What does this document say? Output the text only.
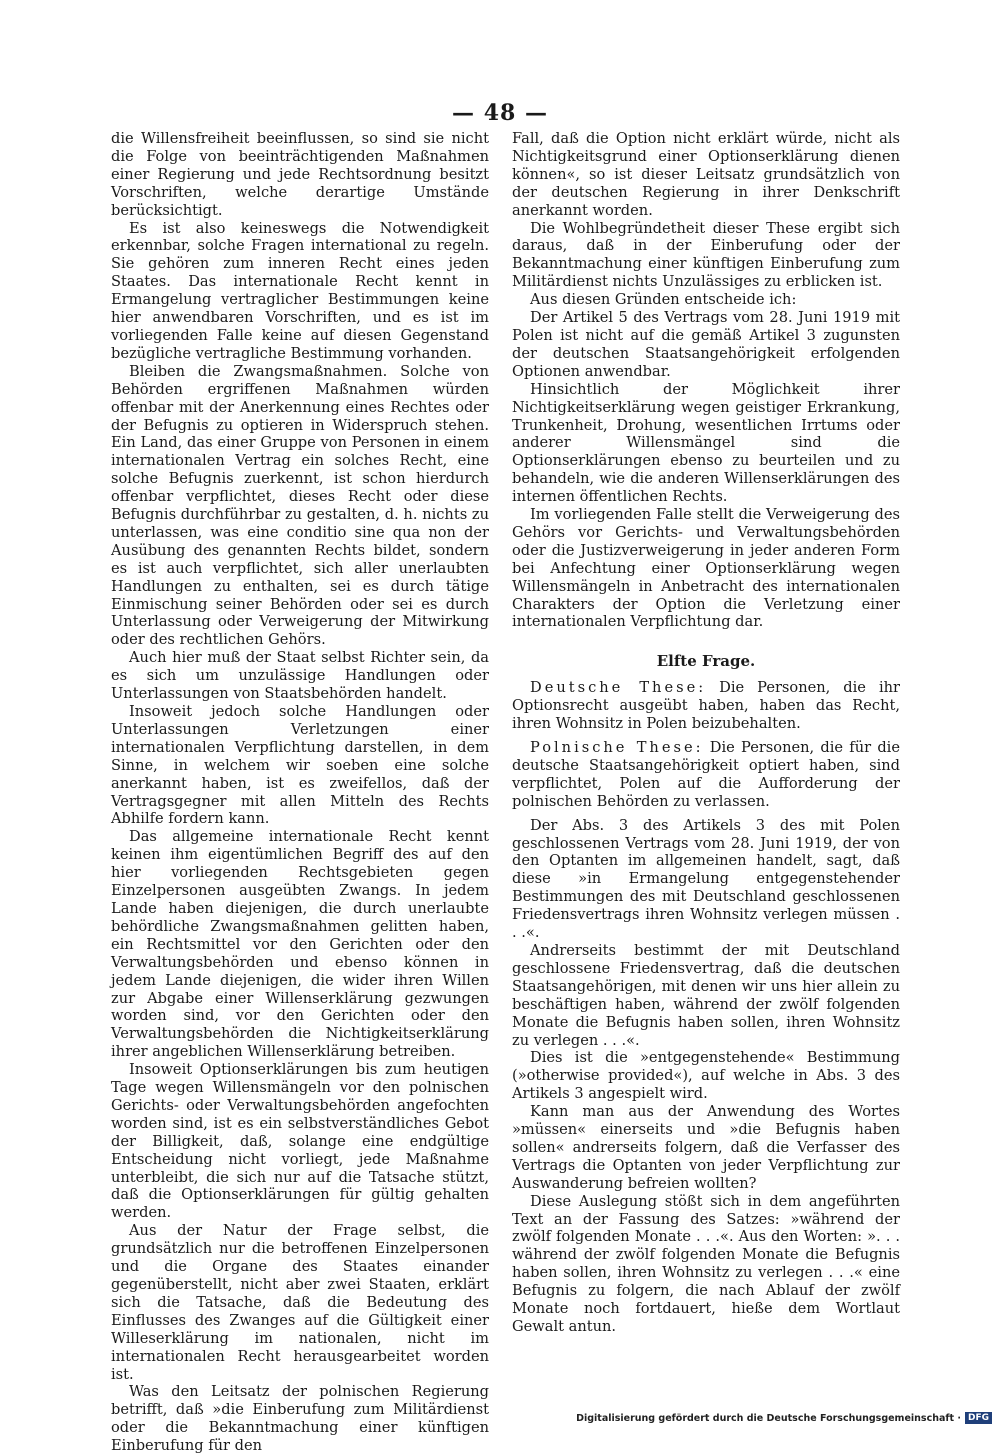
— 48 —

die Willensfreiheit beeinflussen, so sind sie nicht die Folge von beeinträchtigenden Maßnahmen einer Regierung und jede Rechtsordnung besitzt Vorschriften, welche derartige Umstände berücksichtigt.

Es ist also keineswegs die Notwendigkeit erkennbar, solche Fragen international zu regeln. Sie gehören zum inneren Recht eines jeden Staates. Das internationale Recht kennt in Ermangelung vertraglicher Bestimmungen keine hier anwendbaren Vorschriften, und es ist im vorliegenden Falle keine auf diesen Gegenstand bezügliche vertragliche Bestimmung vorhanden.

Bleiben die Zwangsmaßnahmen. Solche von Behörden ergriffenen Maßnahmen würden offenbar mit der Anerkennung eines Rechtes oder der Befugnis zu optieren in Widerspruch stehen. Ein Land, das einer Gruppe von Personen in einem internationalen Vertrag ein solches Recht, eine solche Befugnis zuerkennt, ist schon hierdurch offenbar verpflichtet, dieses Recht oder diese Befugnis durchführbar zu gestalten, d. h. nichts zu unterlassen, was eine conditio sine qua non der Ausübung des genannten Rechts bildet, sondern es ist auch verpflichtet, sich aller unerlaubten Handlungen zu enthalten, sei es durch tätige Einmischung seiner Behörden oder sei es durch Unterlassung oder Verweigerung der Mitwirkung oder des rechtlichen Gehörs.

Auch hier muß der Staat selbst Richter sein, da es sich um unzulässige Handlungen oder Unterlassungen von Staatsbehörden handelt.

Insoweit jedoch solche Handlungen oder Unterlassungen Verletzungen einer internationalen Verpflichtung darstellen, in dem Sinne, in welchem wir soeben eine solche anerkannt haben, ist es zweifellos, daß der Vertragsgegner mit allen Mitteln des Rechts Abhilfe fordern kann.

Das allgemeine internationale Recht kennt keinen ihm eigentümlichen Begriff des auf den hier vorliegenden Rechtsgebieten gegen Einzelpersonen ausgeübten Zwangs. In jedem Lande haben diejenigen, die durch unerlaubte behördliche Zwangsmaßnahmen gelitten haben, ein Rechtsmittel vor den Gerichten oder den Verwaltungsbehörden und ebenso können in jedem Lande diejenigen, die wider ihren Willen zur Abgabe einer Willenserklärung gezwungen worden sind, vor den Gerichten oder den Verwaltungsbehörden die Nichtigkeitserklärung ihrer angeblichen Willenserklärung betreiben.

Insoweit Optionserklärungen bis zum heutigen Tage wegen Willensmängeln vor den polnischen Gerichts- oder Verwaltungsbehörden angefochten worden sind, ist es ein selbstverständliches Gebot der Billigkeit, daß, solange eine endgültige Entscheidung nicht vorliegt, jede Maßnahme unterbleibt, die sich nur auf die Tatsache stützt, daß die Optionserklärungen für gültig gehalten werden.

Aus der Natur der Frage selbst, die grundsätzlich nur die betroffenen Einzelpersonen und die Organe des Staates einander gegenüberstellt, nicht aber zwei Staaten, erklärt sich die Tatsache, daß die Bedeutung des Einflusses des Zwanges auf die Gültigkeit einer Willeserklärung im nationalen, nicht im internationalen Recht herausgearbeitet worden ist.

Was den Leitsatz der polnischen Regierung betrifft, daß »die Einberufung zum Militärdienst oder die Bekanntmachung einer künftigen Einberufung für den

Fall, daß die Option nicht erklärt würde, nicht als Nichtigkeitsgrund einer Optionserklärung dienen können«, so ist dieser Leitsatz grundsätzlich von der deutschen Regierung in ihrer Denkschrift anerkannt worden.

Die Wohlbegründetheit dieser These ergibt sich daraus, daß in der Einberufung oder der Bekanntmachung einer künftigen Einberufung zum Militärdienst nichts Unzulässiges zu erblicken ist.

Aus diesen Gründen entscheide ich:

Der Artikel 5 des Vertrags vom 28. Juni 1919 mit Polen ist nicht auf die gemäß Artikel 3 zugunsten der deutschen Staatsangehörigkeit erfolgenden Optionen anwendbar.

Hinsichtlich der Möglichkeit ihrer Nichtigkeitserklärung wegen geistiger Erkrankung, Trunkenheit, Drohung, wesentlichen Irrtums oder anderer Willensmängel sind die Optionserklärungen ebenso zu beurteilen und zu behandeln, wie die anderen Willenserklärungen des internen öffentlichen Rechts.

Im vorliegenden Falle stellt die Verweigerung des Gehörs vor Gerichts- und Verwaltungsbehörden oder die Justizverweigerung in jeder anderen Form bei Anfechtung einer Optionserklärung wegen Willensmängeln in Anbetracht des internationalen Charakters der Option die Verletzung einer internationalen Verpflichtung dar.

Elfte Frage.

Deutsche These: Die Personen, die ihr Optionsrecht ausgeübt haben, haben das Recht, ihren Wohnsitz in Polen beizubehalten.

Polnische These: Die Personen, die für die deutsche Staatsangehörigkeit optiert haben, sind verpflichtet, Polen auf die Aufforderung der polnischen Behörden zu verlassen.

Der Abs. 3 des Artikels 3 des mit Polen geschlossenen Vertrags vom 28. Juni 1919, der von den Optanten im allgemeinen handelt, sagt, daß diese »in Ermangelung entgegenstehender Bestimmungen des mit Deutschland geschlossenen Friedensvertrags ihren Wohnsitz verlegen müssen . . .«.

Andrerseits bestimmt der mit Deutschland geschlossene Friedensvertrag, daß die deutschen Staatsangehörigen, mit denen wir uns hier allein zu beschäftigen haben, während der zwölf folgenden Monate die Befugnis haben sollen, ihren Wohnsitz zu verlegen . . .«.

Dies ist die »entgegenstehende« Bestimmung (»otherwise provided«), auf welche in Abs. 3 des Artikels 3 angespielt wird.

Kann man aus der Anwendung des Wortes »müssen« einerseits und »die Befugnis haben sollen« andrerseits folgern, daß die Verfasser des Vertrags die Optanten von jeder Verpflichtung zur Auswanderung befreien wollten?

Diese Auslegung stößt sich in dem angeführten Text an der Fassung des Satzes: »während der zwölf folgenden Monate . . .«. Aus den Worten: ». . . während der zwölf folgenden Monate die Befugnis haben sollen, ihren Wohnsitz zu verlegen . . .« eine Befugnis zu folgern, die nach Ablauf der zwölf Monate noch fortdauert, hieße dem Wortlaut Gewalt antun.

Digitalisierung gefördert durch die Deutsche Forschungsgemeinschaft · DFG
